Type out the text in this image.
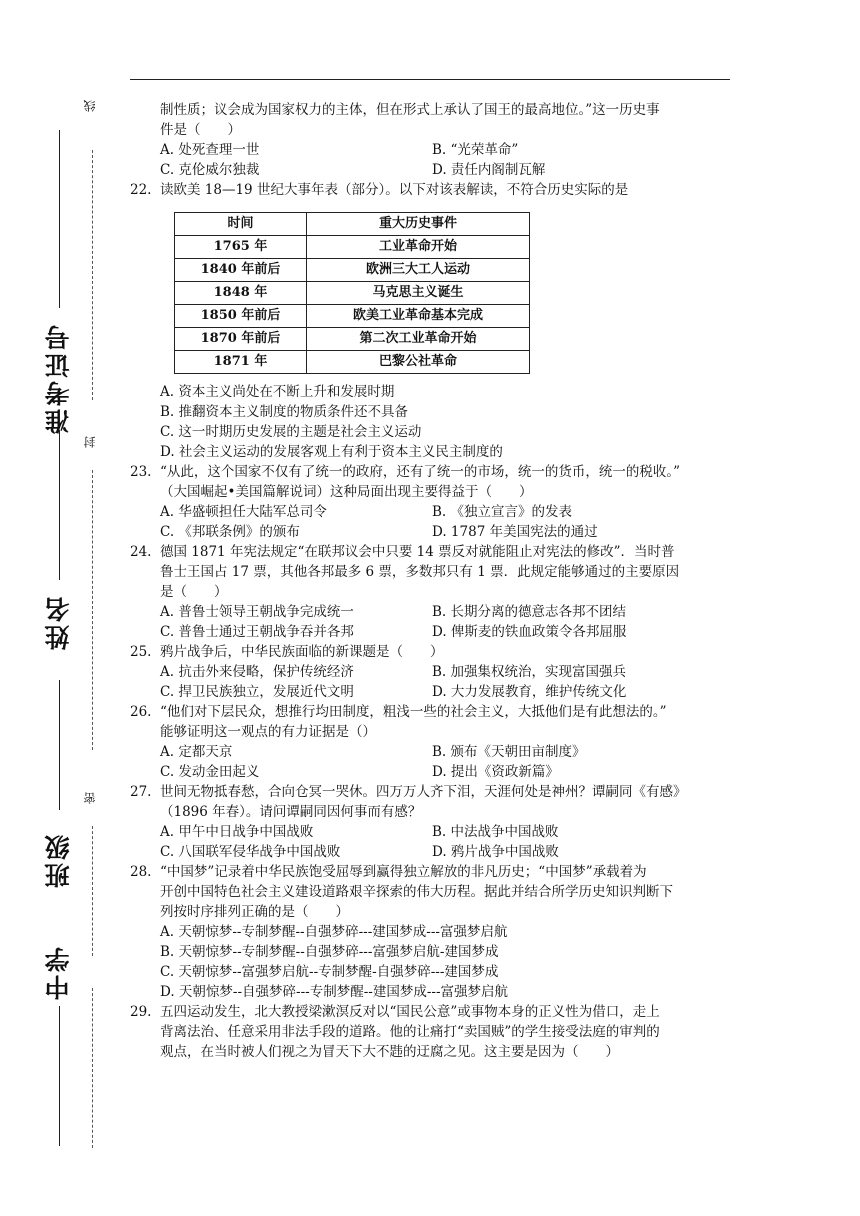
线
封
密
准考证号
姓名
班级
中学
制性质；议会成为国家权力的主体，但在形式上承认了国王的最高地位。”这一历史事
件是（　　）
A. 处死查理一世	B. “光荣革命”
C. 克伦威尔独裁	D. 责任内阁制瓦解
22. 读欧美 18—19 世纪大事年表（部分）。以下对该表解读，不符合历史实际的是
时间	重大历史事件
1765 年	工业革命开始
1840 年前后	欧洲三大工人运动
1848 年	马克思主义诞生
1850 年前后	欧美工业革命基本完成
1870 年前后	第二次工业革命开始
1871 年	巴黎公社革命
A. 资本主义尚处在不断上升和发展时期
B. 推翻资本主义制度的物质条件还不具备
C. 这一时期历史发展的主题是社会主义运动
D. 社会主义运动的发展客观上有利于资本主义民主制度的
23. “从此，这个国家不仅有了统一的政府，还有了统一的市场，统一的货币，统一的税收。”
（大国崛起•美国篇解说词）这种局面出现主要得益于（　　）
A. 华盛顿担任大陆军总司令	B. 《独立宣言》的发表
C. 《邦联条例》的颁布	D. 1787 年美国宪法的通过
24. 德国 1871 年宪法规定“在联邦议会中只要 14 票反对就能阻止对宪法的修改”．当时普
鲁士王国占 17 票，其他各邦最多 6 票，多数邦只有 1 票．此规定能够通过的主要原因
是（　　）
A. 普鲁士领导王朝战争完成统一	B. 长期分离的德意志各邦不团结
C. 普鲁士通过王朝战争吞并各邦	D. 俾斯麦的铁血政策令各邦屈服
25. 鸦片战争后，中华民族面临的新课题是（　　）
A. 抗击外来侵略，保护传统经济	B. 加强集权统治，实现富国强兵
C. 捍卫民族独立，发展近代文明	D. 大力发展教育，维护传统文化
26. “他们对下层民众，想推行均田制度，粗浅一些的社会主义，大抵他们是有此想法的。”
能够证明这一观点的有力证据是（）
A. 定都天京	B. 颁布《天朝田亩制度》
C. 发动金田起义	D. 提出《资政新篇》
27. 世间无物抵春愁，合向仓冥一哭休。四万万人齐下泪，天涯何处是神州？谭嗣同《有感》
（1896 年春）。请问谭嗣同因何事而有感？
A. 甲午中日战争中国战败	B. 中法战争中国战败
C. 八国联军侵华战争中国战败	D. 鸦片战争中国战败
28. “中国梦”记录着中华民族饱受屈辱到赢得独立解放的非凡历史；“中国梦”承载着为
开创中国特色社会主义建设道路艰辛探索的伟大历程。据此并结合所学历史知识判断下
列按时序排列正确的是（　　）
A. 天朝惊梦--专制梦醒--自强梦碎---建国梦成---富强梦启航
B. 天朝惊梦--专制梦醒--自强梦碎---富强梦启航-建国梦成
C. 天朝惊梦--富强梦启航--专制梦醒-自强梦碎---建国梦成
D. 天朝惊梦--自强梦碎---专制梦醒--建国梦成---富强梦启航
29. 五四运动发生，北大教授梁漱溟反对以“国民公意”或事物本身的正义性为借口，走上
背离法治、任意采用非法手段的道路。他的让痛打“卖国贼”的学生接受法庭的审判的
观点，在当时被人们视之为冒天下大不韪的迂腐之见。这主要是因为（　　）
